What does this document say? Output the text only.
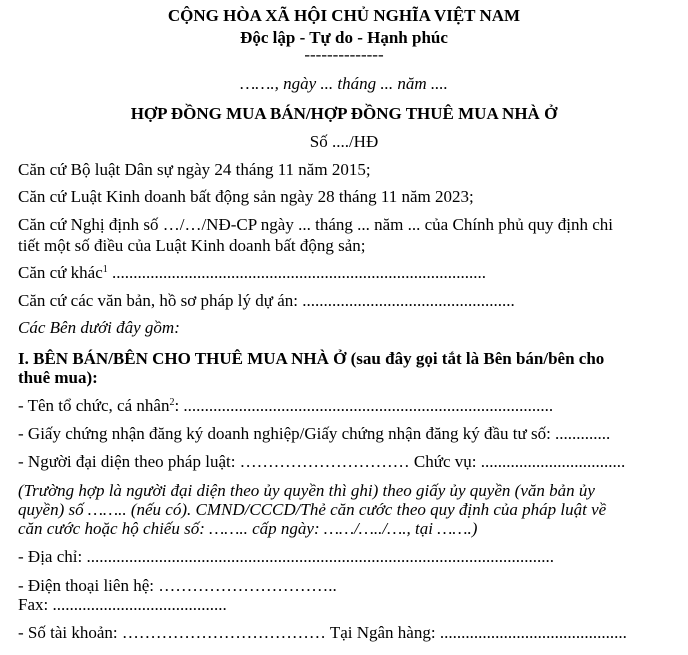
CỘNG HÒA XÃ HỘI CHỦ NGHĨA VIỆT NAM
Độc lập - Tự do - Hạnh phúc
--------------
……., ngày ... tháng ... năm ....
HỢP ĐỒNG MUA BÁN/HỢP ĐỒNG THUÊ MUA NHÀ Ở
Số ..../HĐ
Căn cứ Bộ luật Dân sự ngày 24 tháng 11 năm 2015;
Căn cứ Luật Kinh doanh bất động sản ngày 28 tháng 11 năm 2023;
Căn cứ Nghị định số …/…/NĐ-CP ngày ... tháng ... năm ... của Chính phủ quy định chi
tiết một số điều của Luật Kinh doanh bất động sản;
Căn cứ khác$^1$ ........................................................................................
Căn cứ các văn bản, hồ sơ pháp lý dự án: ..................................................
Các Bên dưới đây gồm:
I. BÊN BÁN/BÊN CHO THUÊ MUA NHÀ Ở (sau đây gọi tắt là Bên bán/bên cho
thuê mua):
- Tên tổ chức, cá nhân$^2$: .......................................................................................
- Giấy chứng nhận đăng ký doanh nghiệp/Giấy chứng nhận đăng ký đầu tư số: .............
- Người đại diện theo pháp luật: ………………………… Chức vụ: ..................................
(Trường hợp là người đại diện theo ủy quyền thì ghi) theo giấy ủy quyền (văn bản ủy
quyền) số …….. (nếu có). CMND/CCCD/Thẻ căn cước theo quy định của pháp luật về
căn cước hoặc hộ chiếu số: …….. cấp ngày: ……/…../…., tại …….)
- Địa chỉ: ..............................................................................................................
- Điện thoại liên hệ: …………………………..
Fax: .........................................
- Số tài khoản: ……………………………… Tại Ngân hàng: ............................................
